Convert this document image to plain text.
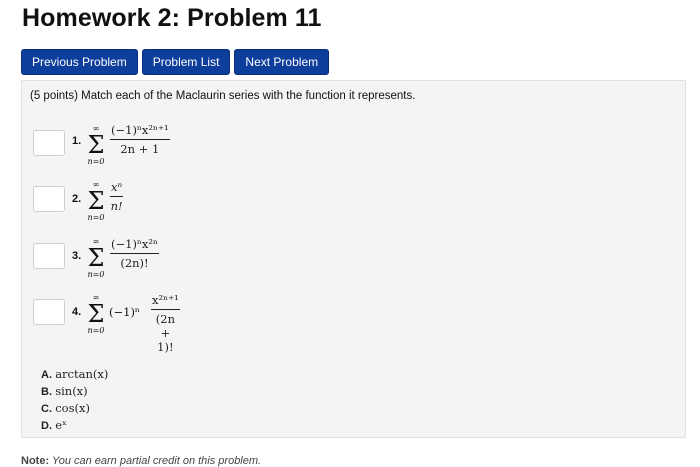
Homework 2: Problem 11
Previous Problem	Problem List	Next Problem
(5 points) Match each of the Maclaurin series with the function it represents.
1.
∞
Σ
n=0
(−1)ⁿx²ⁿ⁺¹
2n + 1
2.
∞
Σ
n=0
xⁿ
n!
3.
∞
Σ
n=0
(−1)ⁿx²ⁿ
(2n)!
4.
∞
Σ
n=0
(−1)ⁿ
x²ⁿ⁺¹
(2n + 1)!
A. arctan(x)
B. sin(x)
C. cos(x)
D. eˣ
Note: You can earn partial credit on this problem.
